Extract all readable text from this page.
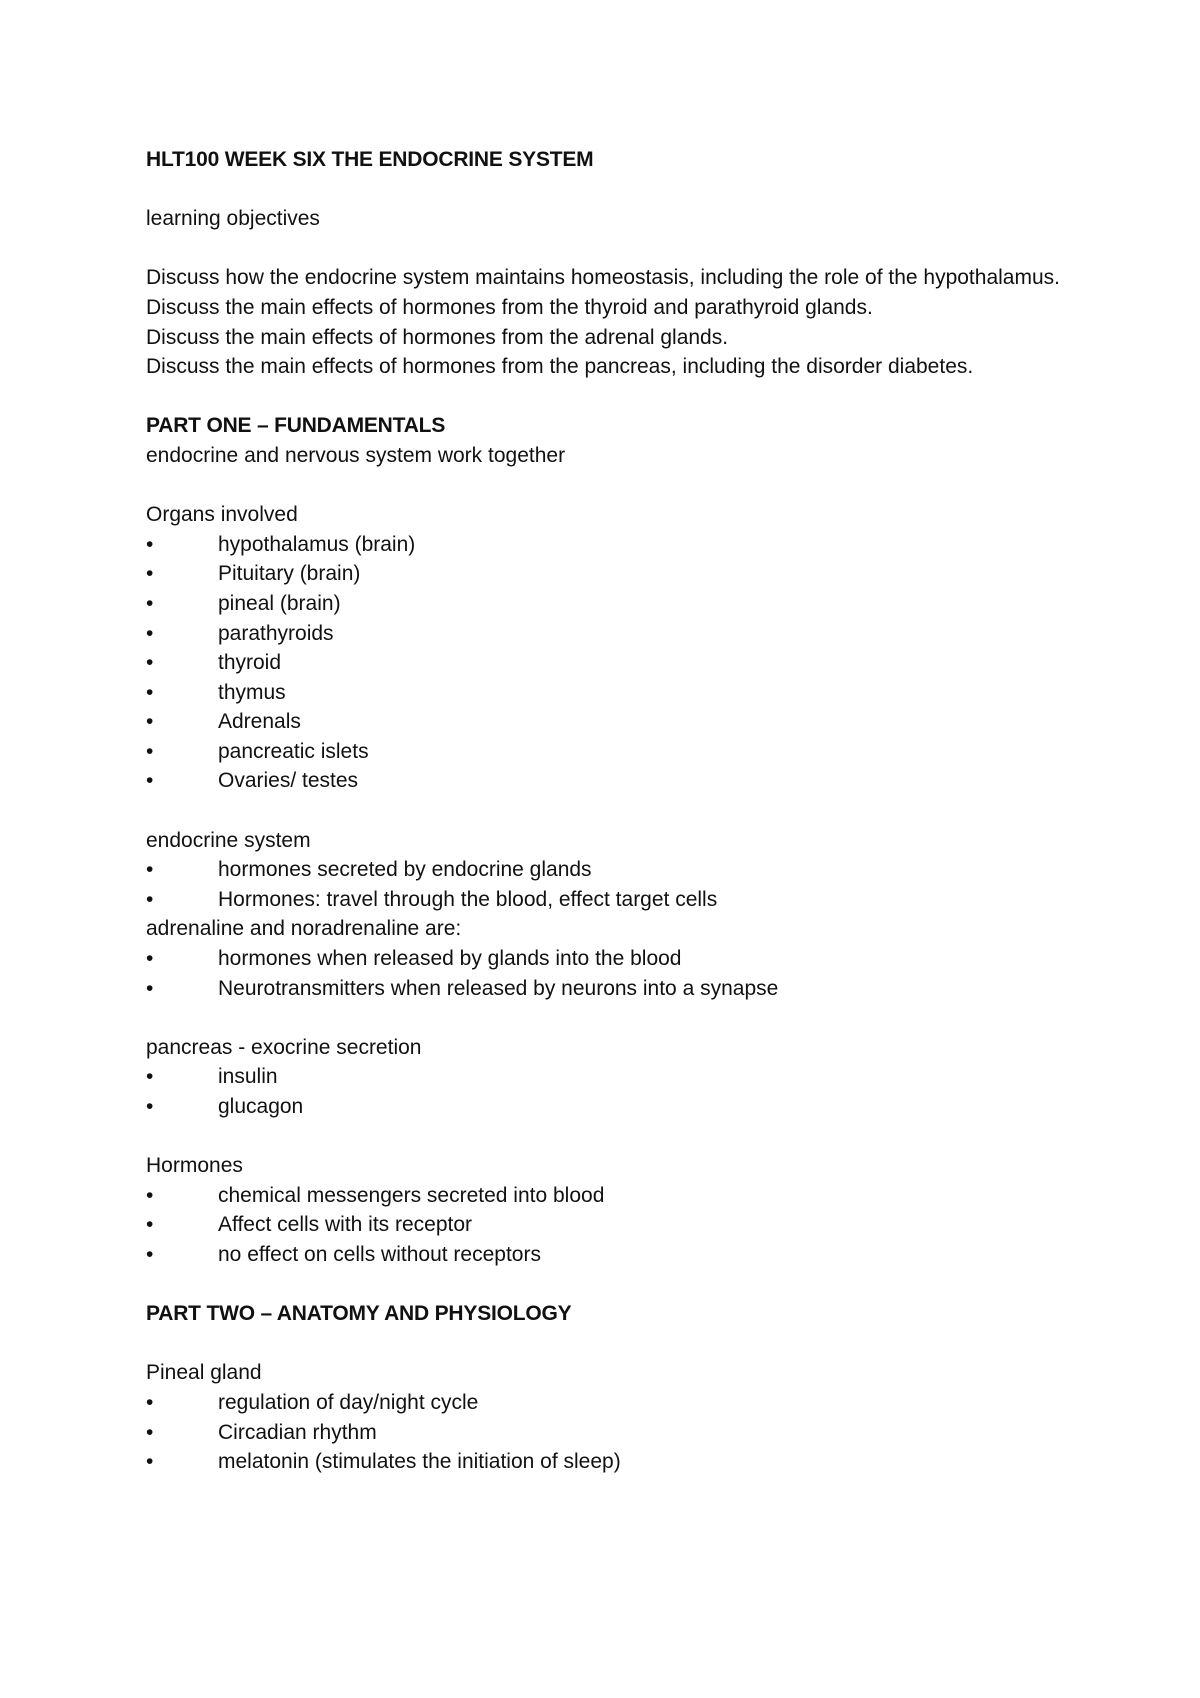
HLT100 WEEK SIX THE ENDOCRINE SYSTEM

learning objectives

Discuss how the endocrine system maintains homeostasis, including the role of the hypothalamus.

Discuss the main effects of hormones from the thyroid and parathyroid glands.

Discuss the main effects of hormones from the adrenal glands.

Discuss the main effects of hormones from the pancreas, including the disorder diabetes.

PART ONE – FUNDAMENTALS

endocrine and nervous system work together

Organs involved

•	hypothalamus (brain)
•	Pituitary (brain)
•	pineal (brain)
•	parathyroids
•	thyroid
•	thymus
•	Adrenals
•	pancreatic islets
•	Ovaries/ testes

endocrine system

•	hormones secreted by endocrine glands
•	Hormones: travel through the blood, effect target cells

adrenaline and noradrenaline are:

•	hormones when released by glands into the blood
•	Neurotransmitters when released by neurons into a synapse

pancreas - exocrine secretion

•	insulin
•	glucagon

Hormones

•	chemical messengers secreted into blood
•	Affect cells with its receptor
•	no effect on cells without receptors

PART TWO – ANATOMY AND PHYSIOLOGY

Pineal gland

•	regulation of day/night cycle
•	Circadian rhythm
•	melatonin (stimulates the initiation of sleep)
